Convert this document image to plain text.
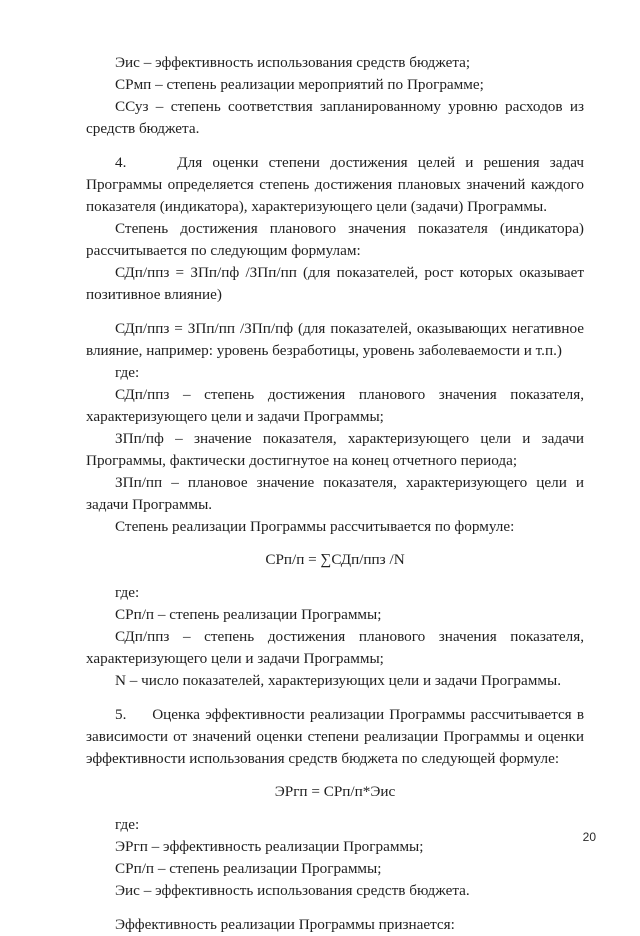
Эис – эффективность использования средств бюджета;

СРмп – степень реализации мероприятий по Программе;

ССуз – степень соответствия запланированному уровню расходов из средств бюджета.

4.     Для оценки степени достижения целей и решения задач Программы определяется степень достижения плановых значений каждого показателя (индикатора), характеризующего цели (задачи) Программы.

Степень достижения планового значения показателя (индикатора) рассчитывается по следующим формулам:

СДп/ппз = ЗПп/пф /ЗПп/пп (для показателей, рост которых оказывает позитивное влияние)

СДп/ппз = ЗПп/пп /ЗПп/пф (для показателей, оказывающих негативное влияние, например: уровень безработицы, уровень заболеваемости и т.п.)

где:

СДп/ппз – степень достижения планового значения показателя, характеризующего цели и задачи Программы;

ЗПп/пф – значение показателя, характеризующего цели и задачи Программы, фактически достигнутое на конец отчетного периода;

ЗПп/пп – плановое значение показателя, характеризующего цели и задачи Программы.

Степень реализации Программы рассчитывается по формуле:

СРп/п = ∑СДп/ппз /N

где:

СРп/п – степень реализации Программы;

СДп/ппз – степень достижения планового значения показателя, характеризующего цели и задачи Программы;

N – число показателей, характеризующих цели и задачи Программы.

5.     Оценка эффективности реализации Программы рассчитывается в зависимости от значений оценки степени реализации Программы и оценки эффективности использования средств бюджета по следующей формуле:

ЭРгп = СРп/п*Эис

где:

ЭРгп – эффективность реализации Программы;

СРп/п – степень реализации Программы;

Эис – эффективность использования средств бюджета.

Эффективность реализации Программы признается:

20
